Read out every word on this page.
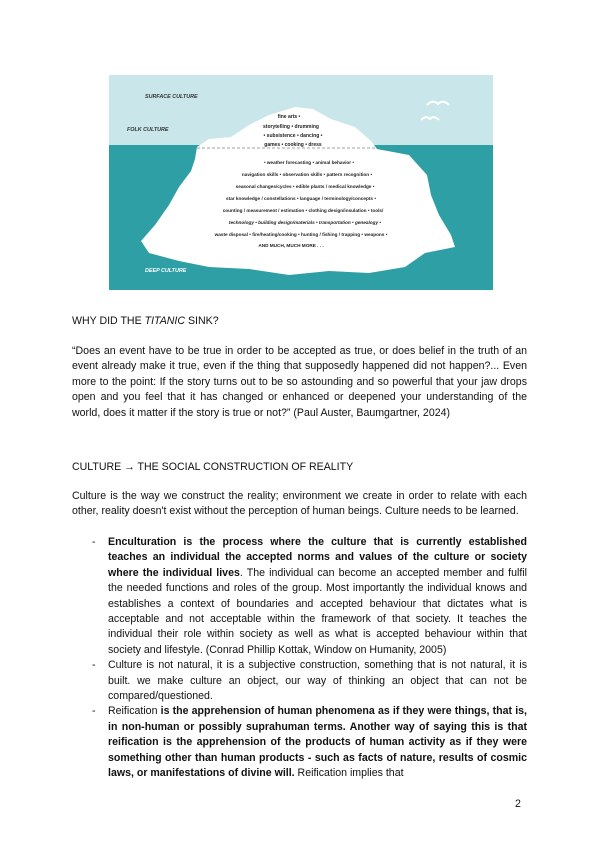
SURFACE CULTURE
FOLK CULTURE
DEEP CULTURE
fine arts •
storytelling • drumming
• subsistence • dancing •
games • cooking • dress
• weather forecasting • animal behavior •
navigation skills • observation skills • pattern recognition •
seasonal changes/cycles • edible plants / medical knowledge •
star knowledge / constellations • language / terminology/concepts •
counting / measurement / estimation • clothing design/insulation • tools/
technology • building design/materials • transportation • genealogy •
waste disposal • fire/heating/cooking • hunting / fishing / trapping • weapons •
AND MUCH, MUCH MORE . . .
WHY DID THE TITANIC SINK?
“Does an event have to be true in order to be accepted as true, or does belief in the truth of an event already make it true, even if the thing that supposedly happened did not happen?... Even more to the point: If the story turns out to be so astounding and so powerful that your jaw drops open and you feel that it has changed or enhanced or deepened your understanding of the world, does it matter if the story is true or not?” (Paul Auster, Baumgartner, 2024)
CULTURE → THE SOCIAL CONSTRUCTION OF REALITY
Culture is the way we construct the reality; environment we create in order to relate with each other, reality doesn't exist without the perception of human beings. Culture needs to be learned.
- Enculturation is the process where the culture that is currently established teaches an individual the accepted norms and values of the culture or society where the individual lives. The individual can become an accepted member and fulfil the needed functions and roles of the group. Most importantly the individual knows and establishes a context of boundaries and accepted behaviour that dictates what is acceptable and not acceptable within the framework of that society. It teaches the individual their role within society as well as what is accepted behaviour within that society and lifestyle. (Conrad Phillip Kottak, Window on Humanity, 2005)
- Culture is not natural, it is a subjective construction, something that is not natural, it is built. we make culture an object, our way of thinking an object that can not be compared/questioned.
- Reification is the apprehension of human phenomena as if they were things, that is, in non-human or possibly suprahuman terms. Another way of saying this is that reification is the apprehension of the products of human activity as if they were something other than human products - such as facts of nature, results of cosmic laws, or manifestations of divine will. Reification implies that
2
